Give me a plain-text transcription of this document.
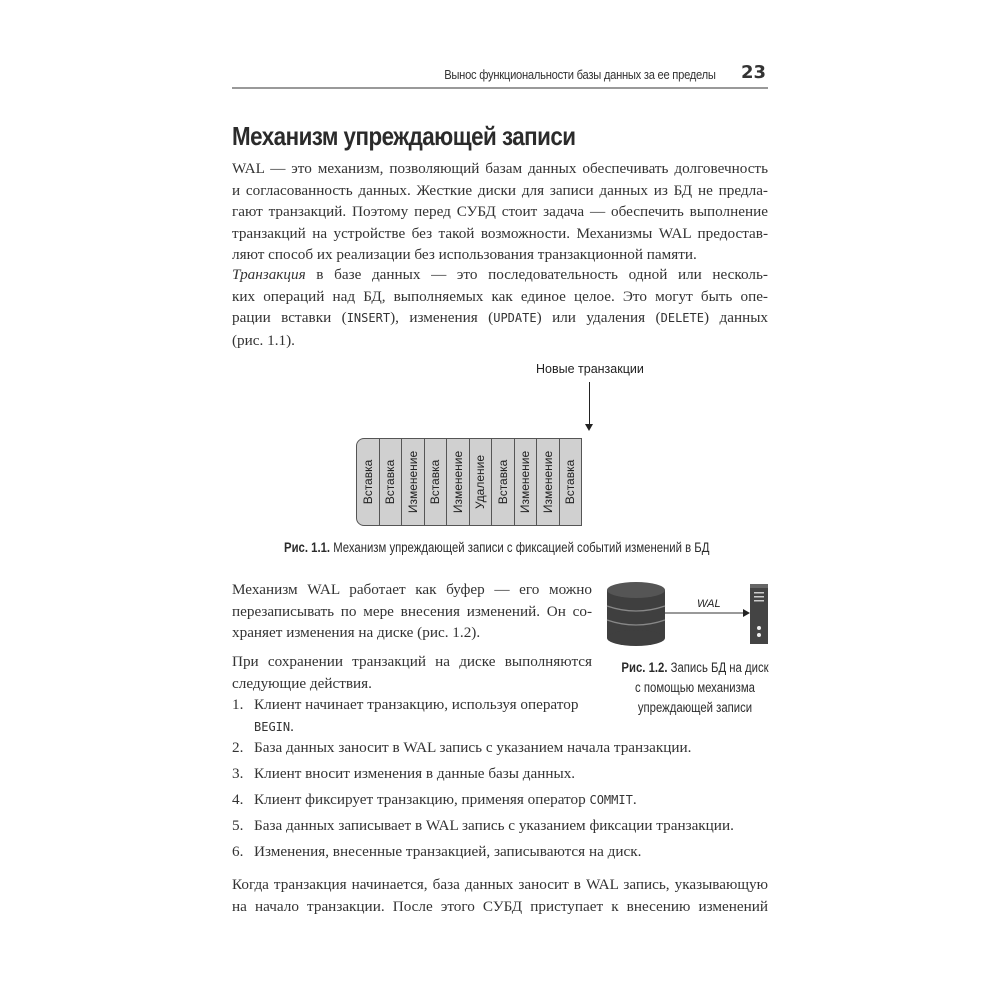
Вынос функциональности базы данных за ее пределы 23
Механизм упреждающей записи
WAL — это механизм, позволяющий базам данных обеспечивать долговечность
и согласованность данных. Жесткие диски для записи данных из БД не предла-
гают транзакций. Поэтому перед СУБД стоит задача — обеспечить выполнение
транзакций на устройстве без такой возможности. Механизмы WAL предостав-
ляют способ их реализации без использования транзакционной памяти.
Транзакция в базе данных — это последовательность одной или несколь-
ких операций над БД, выполняемых как единое целое. Это могут быть опе-
рации вставки (INSERT), изменения (UPDATE) или удаления (DELETE) данных
(рис. 1.1).
Новые транзакции
Вставка Вставка Изменение Вставка Изменение Удаление Вставка Изменение Изменение Вставка
Рис. 1.1. Механизм упреждающей записи с фиксацией событий изменений в БД
Механизм WAL работает как буфер — его можно
перезаписывать по мере внесения изменений. Он со-
храняет изменения на диске (рис. 1.2).
При сохранении транзакций на диске выполняются
следующие действия.
WAL
Рис. 1.2. Запись БД на диск
с помощью механизма
упреждающей записи
1. Клиент начинает транзакцию, используя оператор
BEGIN.
2. База данных заносит в WAL запись с указанием начала транзакции.
3. Клиент вносит изменения в данные базы данных.
4. Клиент фиксирует транзакцию, применяя оператор COMMIT.
5. База данных записывает в WAL запись с указанием фиксации транзакции.
6. Изменения, внесенные транзакцией, записываются на диск.
Когда транзакция начинается, база данных заносит в WAL запись, указывающую
на начало транзакции. После этого СУБД приступает к внесению изменений
